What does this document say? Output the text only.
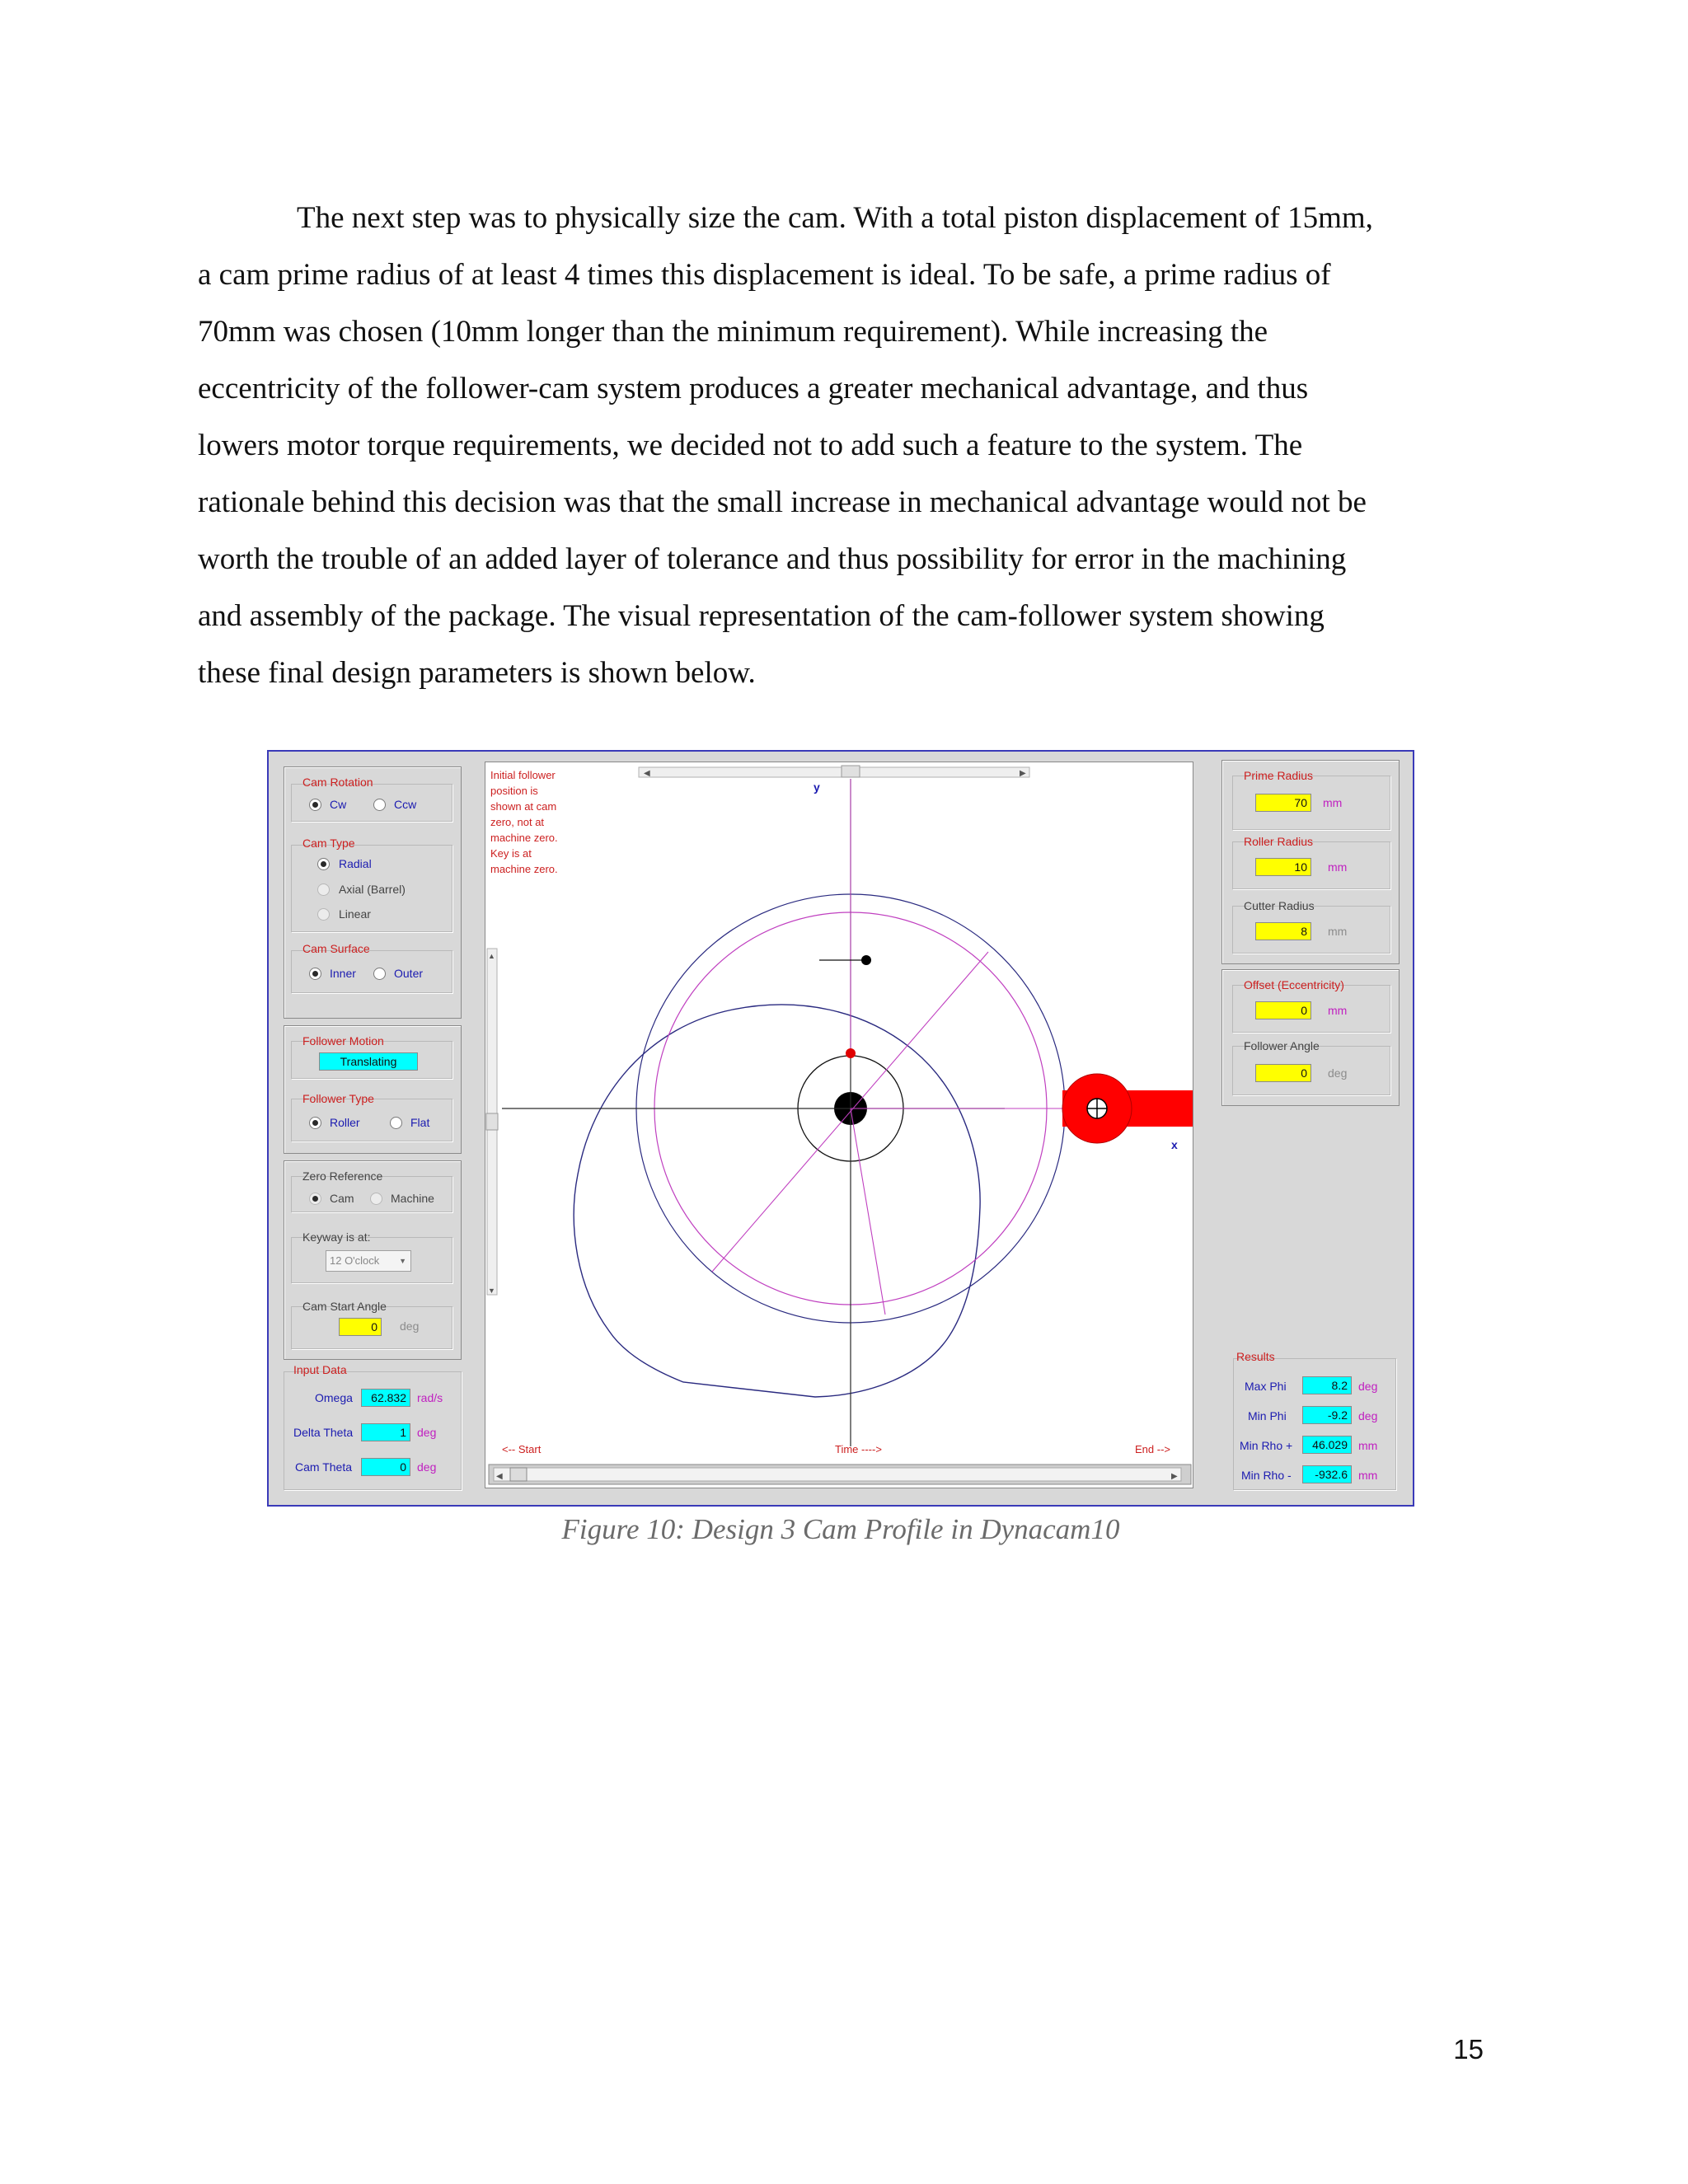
The next step was to physically size the cam. With a total piston displacement of 15mm,
a cam prime radius of at least 4 times this displacement is ideal. To be safe, a prime radius of
70mm was chosen (10mm longer than the minimum requirement). While increasing the
eccentricity of the follower-cam system produces a greater mechanical advantage, and thus
lowers motor torque requirements, we decided not to add such a feature to the system. The
rationale behind this decision was that the small increase in mechanical advantage would not be
worth the trouble of an added layer of tolerance and thus possibility for error in the machining
and assembly of the package. The visual representation of the cam-follower system showing
these final design parameters is shown below.
Cam Rotation
Cw	Ccw
Cam Type
Radial
Axial (Barrel)
Linear
Cam Surface
Inner	Outer
Follower Motion
Translating
Follower Type
Roller	Flat
Zero Reference
Cam	Machine
Keyway is at:
12 O'clock	▼
Cam Start Angle
0	deg
Input Data
Omega	62.832 rad/s
Delta Theta	1 deg
Cam Theta	0 deg
◀	▶
▲
▼
◀	▶
Initial follower
position is
shown at cam
zero, not at
machine zero.
Key is at
machine zero.
y
x
<-- Start	Time ---->	End -->
Prime Radius
70	mm
Roller Radius
10	mm
Cutter Radius
8	mm
Offset (Eccentricity)
0	mm
Follower Angle
0	deg
Results
Max Phi	8.2 deg
Min Phi	-9.2 deg
Min Rho +	46.029 mm
Min Rho -	-932.6 mm
Figure 10: Design 3 Cam Profile in Dynacam10
15
